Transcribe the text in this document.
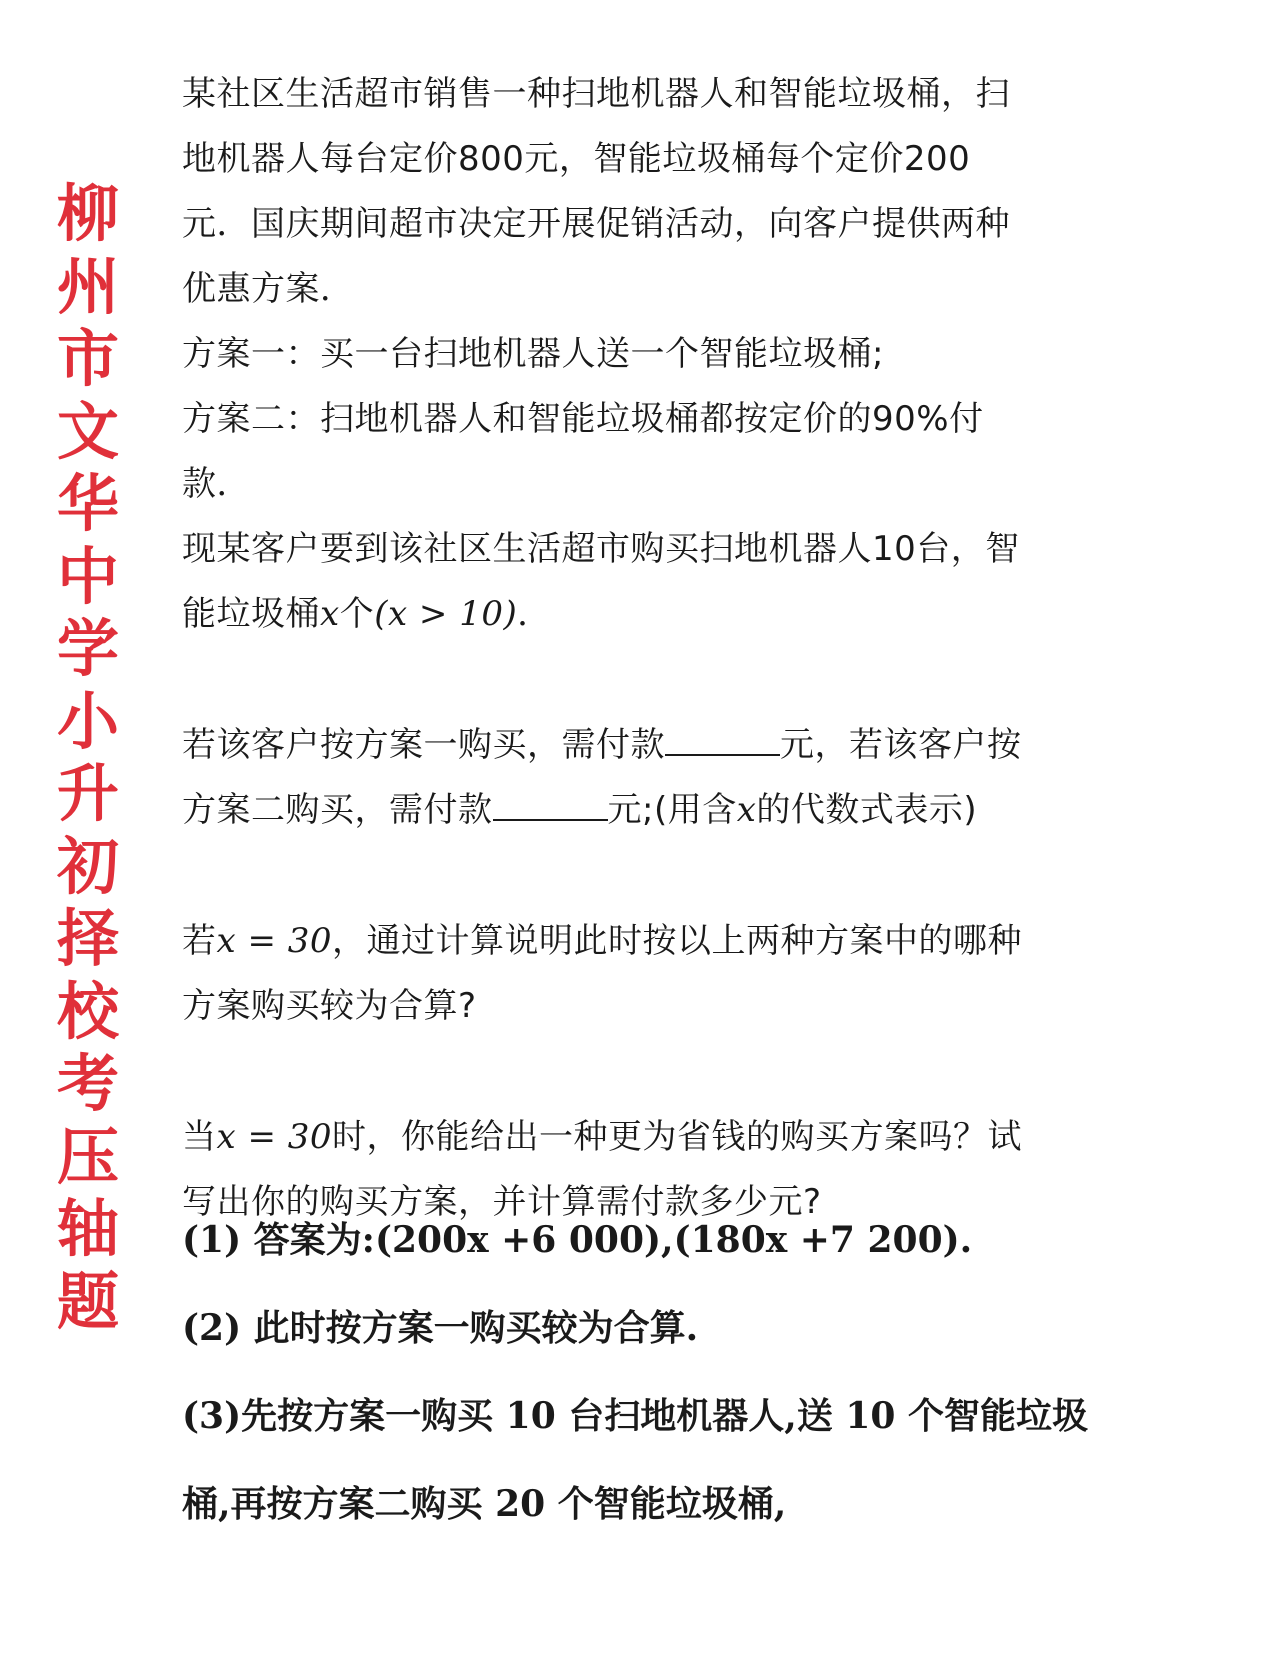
柳
州
市
文
华
中
学
小
升
初
择
校
考
压
轴
题
某社区生活超市销售一种扫地机器人和智能垃圾桶，扫
地机器人每台定价800元，智能垃圾桶每个定价200
元．国庆期间超市决定开展促销活动，向客户提供两种
优惠方案．
方案一：买一台扫地机器人送一个智能垃圾桶;
方案二：扫地机器人和智能垃圾桶都按定价的90%付
款．
现某客户要到该社区生活超市购买扫地机器人10台，智
能垃圾桶x个(x > 10)．
若该客户按方案一购买，需付款	元，若该客户按
方案二购买，需付款	元;(用含x的代数式表示)
若x = 30，通过计算说明此时按以上两种方案中的哪种
方案购买较为合算?
当x = 30时，你能给出一种更为省钱的购买方案吗？试
写出你的购买方案，并计算需付款多少元?
(1) 答案为:(200x +6 000),(180x +7 200).
(2) 此时按方案一购买较为合算.
(3)先按方案一购买 10 台扫地机器人,送 10 个智能垃圾
桶,再按方案二购买 20 个智能垃圾桶,
